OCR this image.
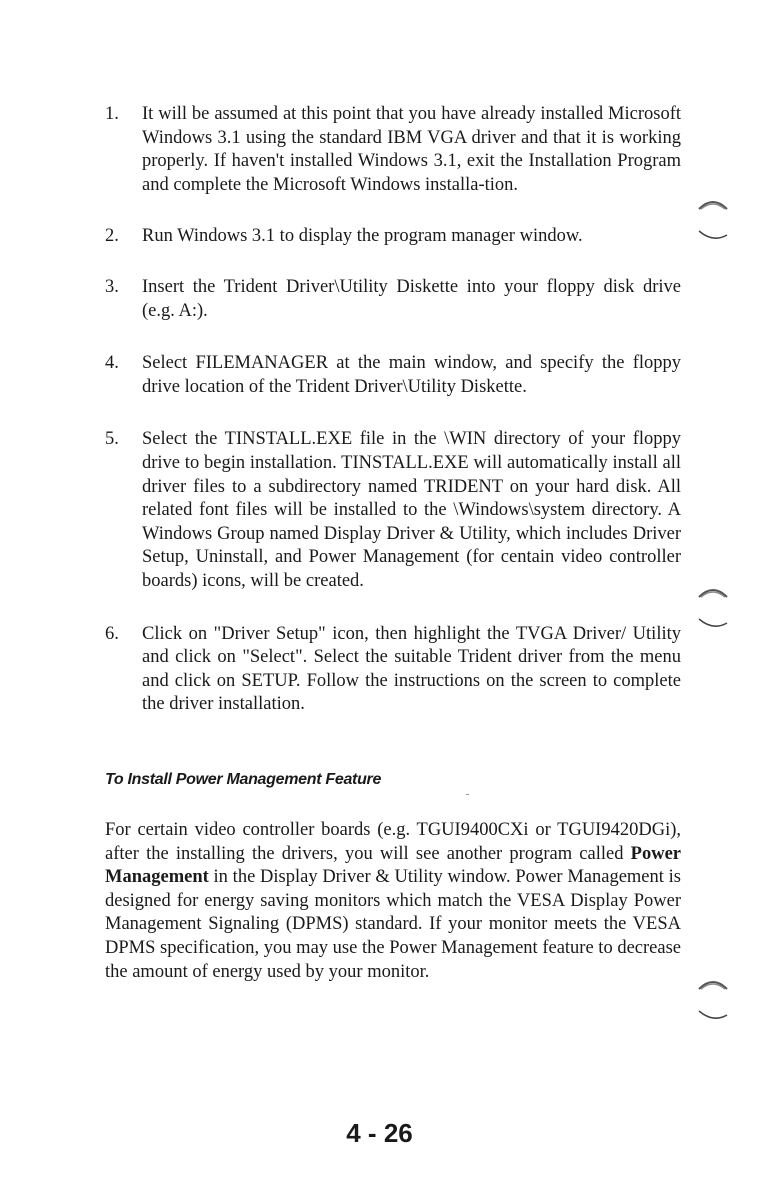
1. It will be assumed at this point that you have already installed Microsoft Windows 3.1 using the standard IBM VGA driver and that it is working properly. If haven't installed Windows 3.1, exit the Installation Program and complete the Microsoft Windows installa-tion.
2. Run Windows 3.1 to display the program manager window.
3. Insert the Trident Driver\Utility Diskette into your floppy disk drive (e.g. A:).
4. Select FILEMANAGER at the main window, and specify the floppy drive location of the Trident Driver\Utility Diskette.
5. Select the TINSTALL.EXE file in the \WIN directory of your floppy drive to begin installation. TINSTALL.EXE will automatically install all driver files to a subdirectory named TRIDENT on your hard disk. All related font files will be installed to the \Windows\system directory. A Windows Group named Display Driver & Utility, which includes Driver Setup, Uninstall, and Power Management (for centain video controller boards) icons, will be created.
6. Click on "Driver Setup" icon, then highlight the TVGA Driver/ Utility and click on "Select". Select the suitable Trident driver from the menu and click on SETUP. Follow the instructions on the screen to complete the driver installation.
To Install Power Management Feature

For certain video controller boards (e.g. TGUI9400CXi or TGUI9420DGi), after the installing the drivers, you will see another program called Power Management in the Display Driver & Utility window. Power Management is designed for energy saving monitors which match the VESA Display Power Management Signaling (DPMS) standard. If your monitor meets the VESA DPMS specification, you may use the Power Management feature to decrease the amount of energy used by your monitor.

4 - 26
